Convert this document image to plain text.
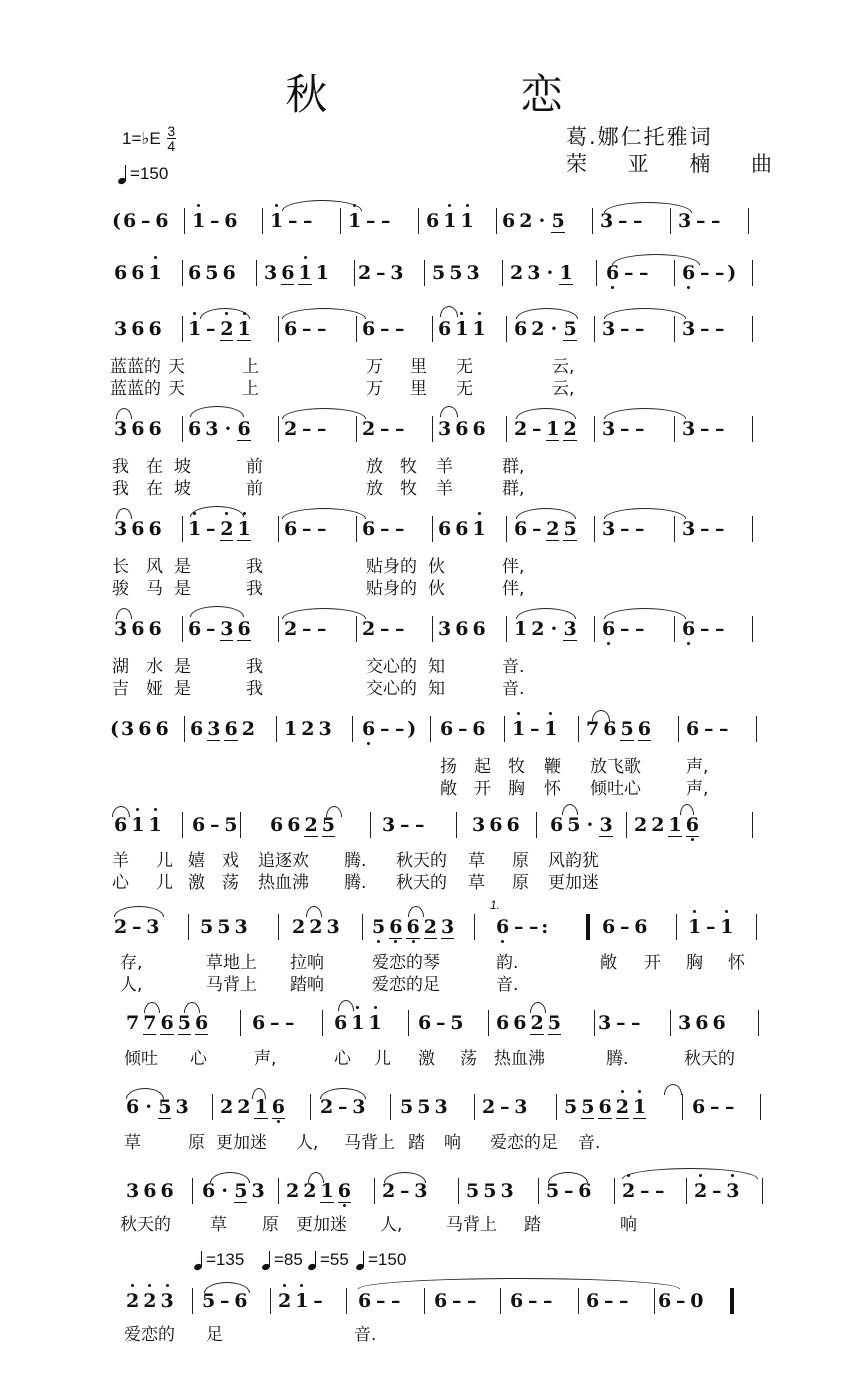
秋 恋
1=♭E $\frac{3}{4}$
=150
葛.娜仁托雅词
荣 亚 楠 曲
( 6 – 6 1 – 6 1 – – 1 – – 6 1 1 6 2 · 5 3 – – 3 – –
6 6 1 6 5 6 3 6 1 1 2 – 3 5 5 3 2 3 · 1 6 – – 6 – – )
3 6 6 1 – 2 1 6 – – 6 – – 6 1 1 6 2 · 5 3 – – 3 – –
蓝蓝的 天	上	万 里 无	云,
蓝蓝的 天	上	万 里 无	云,
3 6 6 6 3 · 6 2 – – 2 – – 3 6 6 2 – 1 2 3 – – 3 – –
我 在 坡	前	放 牧 羊	群,
我 在 坡	前	放 牧 羊	群,
3 6 6 1 – 2 1 6 – – 6 – – 6 6 1 6 – 2 5 3 – – 3 – –
长 风 是	我	贴身的 伙	伴,
骏 马 是	我	贴身的 伙	伴,
3 6 6 6 – 3 6 2 – – 2 – – 3 6 6 1 2 · 3 6 – – 6 – –
湖 水 是	我	交心的 知	音.
吉 娅 是	我	交心的 知	音.
( 3 6 6 6 3 6 2 1 2 3 6 – – ) 6 – 6 1 – 1 7 6 5 6 6 – –
扬 起 牧 鞭 放飞歌	声,
敞 开 胸 怀 倾吐心	声,
6 1 1 6 – 5 6 6 2 5 3 – –	3 6 6 6 5 · 3 2 2 1 6
羊 儿 嬉 戏 追逐欢 腾. 秋天的 草 原 风韵犹
心 儿 激 荡 热血沸 腾. 秋天的 草 原 更加迷
2 – 3 5 5 3 2 2 3 5 6 6 2 3 6 – – :	6 – 6 1 – 1
存,	草地上 拉响	爱恋的琴	韵.	敞 开 胸 怀
人,	马背上 踏响	爱恋的足	音.
7 7 6 5 6 6 – – 6 1 1 6 – 5 6 6 2 5 3 – – 3 6 6
倾吐 心	声,	心 儿 激 荡 热血沸	腾.	秋天的
6 · 5 3 2 2 1 6 2 – 3 5 5 3 2 – 3 5 5 6 2 1 6 – –
草	原 更加迷 人, 马背上 踏 响 爱恋的足 音.
3 6 6 6 · 5 3 2 2 1 6 2 – 3 5 5 3 5 – 6 2 – – 2 – 3
秋天的 草 原 更加迷 人,	马背上 踏	响
2 2 3 5 – 6 2 1 – 6 – – 6 – – 6 – – 6 – – 6 – 0
爱恋的 足	音.
=135 =85 =55 =150
1.
